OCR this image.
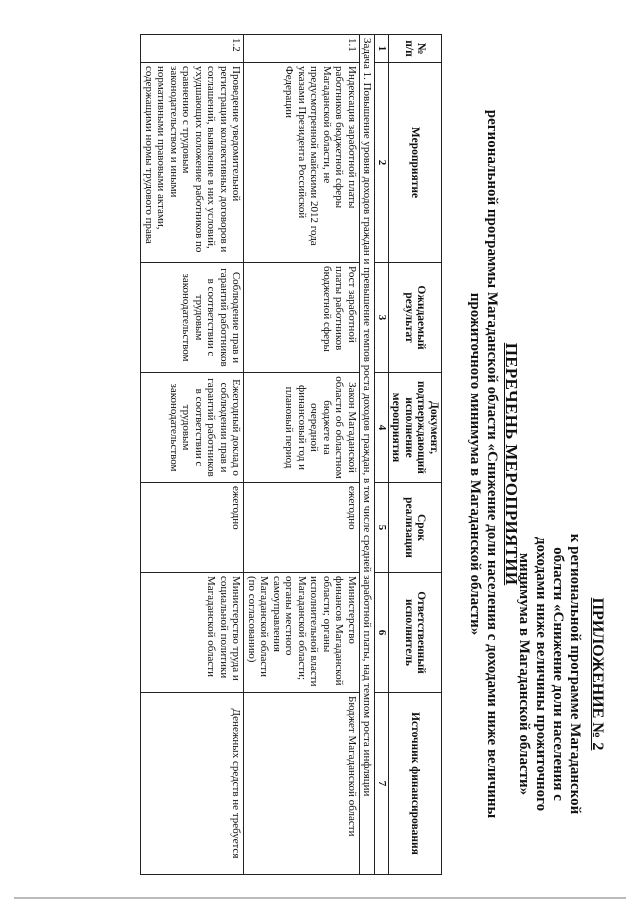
ПРИЛОЖЕНИЕ № 2
к региональной программе Магаданской
области «Снижение доли населения с
доходами ниже величины прожиточного
минимума в Магаданской области»
ПЕРЕЧЕНЬ МЕРОПРИЯТИЙ
региональной программы Магаданской области «Снижение доли населения с доходами ниже величины
прожиточного минимума в Магаданской области»
№ п/п	Мероприятие	Ожидаемый результат	Документ, подтверждающий исполнение мероприятия	Срок реализации	Ответственный исполнитель	Источник финансирования
1	2	3	4	5	6	7
Задача 1. Повышение уровня доходов граждан и превышение темпов роста доходов граждан, в том числе средней заработной платы, над темпом роста инфляции						
1.1	Индексация заработной платы работников бюджетной сферы Магаданской области, не предусмотренной майскими 2012 года указами Президента Российской Федерации	Рост заработной платы работников бюджетной сферы	Закон Магаданской области об областном бюджете на очередной финансовый год и плановый период	ежегодно	Министерство финансов Магаданской области; органы исполнительной власти Магаданской области; органы местного самоуправления Магаданской области (по согласованию)	Бюджет Магаданской области
1.2	Проведение уведомительной регистрации коллективных договоров и соглашений, выявление в них условий, ухудшающих положение работников по сравнению с трудовым законодательством и иными нормативными правовыми актами, содержащими нормы трудового права	Соблюдение прав и гарантий работников в соответствии с трудовым законодательством	Ежегодный доклад о соблюдении прав и гарантий работников в соответствии с трудовым законодательством	ежегодно	Министерство труда и социальной политики Магаданской области	Денежных средств не требуется
